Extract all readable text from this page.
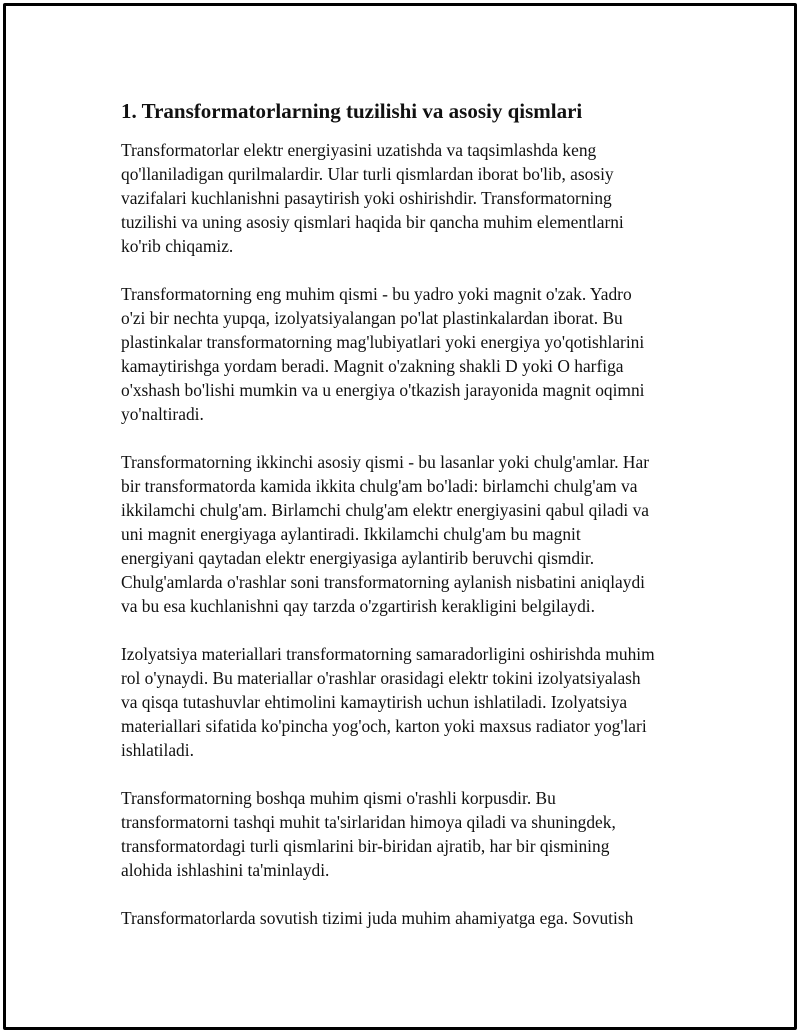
1. Transformatorlarning tuzilishi va asosiy qismlari

Transformatorlar elektr energiyasini uzatishda va taqsimlashda keng
qo'llaniladigan qurilmalardir. Ular turli qismlardan iborat bo'lib, asosiy
vazifalari kuchlanishni pasaytirish yoki oshirishdir. Transformatorning
tuzilishi va uning asosiy qismlari haqida bir qancha muhim elementlarni
ko'rib chiqamiz.

Transformatorning eng muhim qismi - bu yadro yoki magnit o'zak. Yadro
o'zi bir nechta yupqa, izolyatsiyalangan po'lat plastinkalardan iborat. Bu
plastinkalar transformatorning mag'lubiyatlari yoki energiya yo'qotishlarini
kamaytirishga yordam beradi. Magnit o'zakning shakli D yoki O harfiga
o'xshash bo'lishi mumkin va u energiya o'tkazish jarayonida magnit oqimni
yo'naltiradi.

Transformatorning ikkinchi asosiy qismi - bu lasanlar yoki chulg'amlar. Har
bir transformatorda kamida ikkita chulg'am bo'ladi: birlamchi chulg'am va
ikkilamchi chulg'am. Birlamchi chulg'am elektr energiyasini qabul qiladi va
uni magnit energiyaga aylantiradi. Ikkilamchi chulg'am bu magnit
energiyani qaytadan elektr energiyasiga aylantirib beruvchi qismdir.
Chulg'amlarda o'rashlar soni transformatorning aylanish nisbatini aniqlaydi
va bu esa kuchlanishni qay tarzda o'zgartirish kerakligini belgilaydi.

Izolyatsiya materiallari transformatorning samaradorligini oshirishda muhim
rol o'ynaydi. Bu materiallar o'rashlar orasidagi elektr tokini izolyatsiyalash
va qisqa tutashuvlar ehtimolini kamaytirish uchun ishlatiladi. Izolyatsiya
materiallari sifatida ko'pincha yog'och, karton yoki maxsus radiator yog'lari
ishlatiladi.

Transformatorning boshqa muhim qismi o'rashli korpusdir. Bu
transformatorni tashqi muhit ta'sirlaridan himoya qiladi va shuningdek,
transformatordagi turli qismlarini bir-biridan ajratib, har bir qismining
alohida ishlashini ta'minlaydi.

Transformatorlarda sovutish tizimi juda muhim ahamiyatga ega. Sovutish
